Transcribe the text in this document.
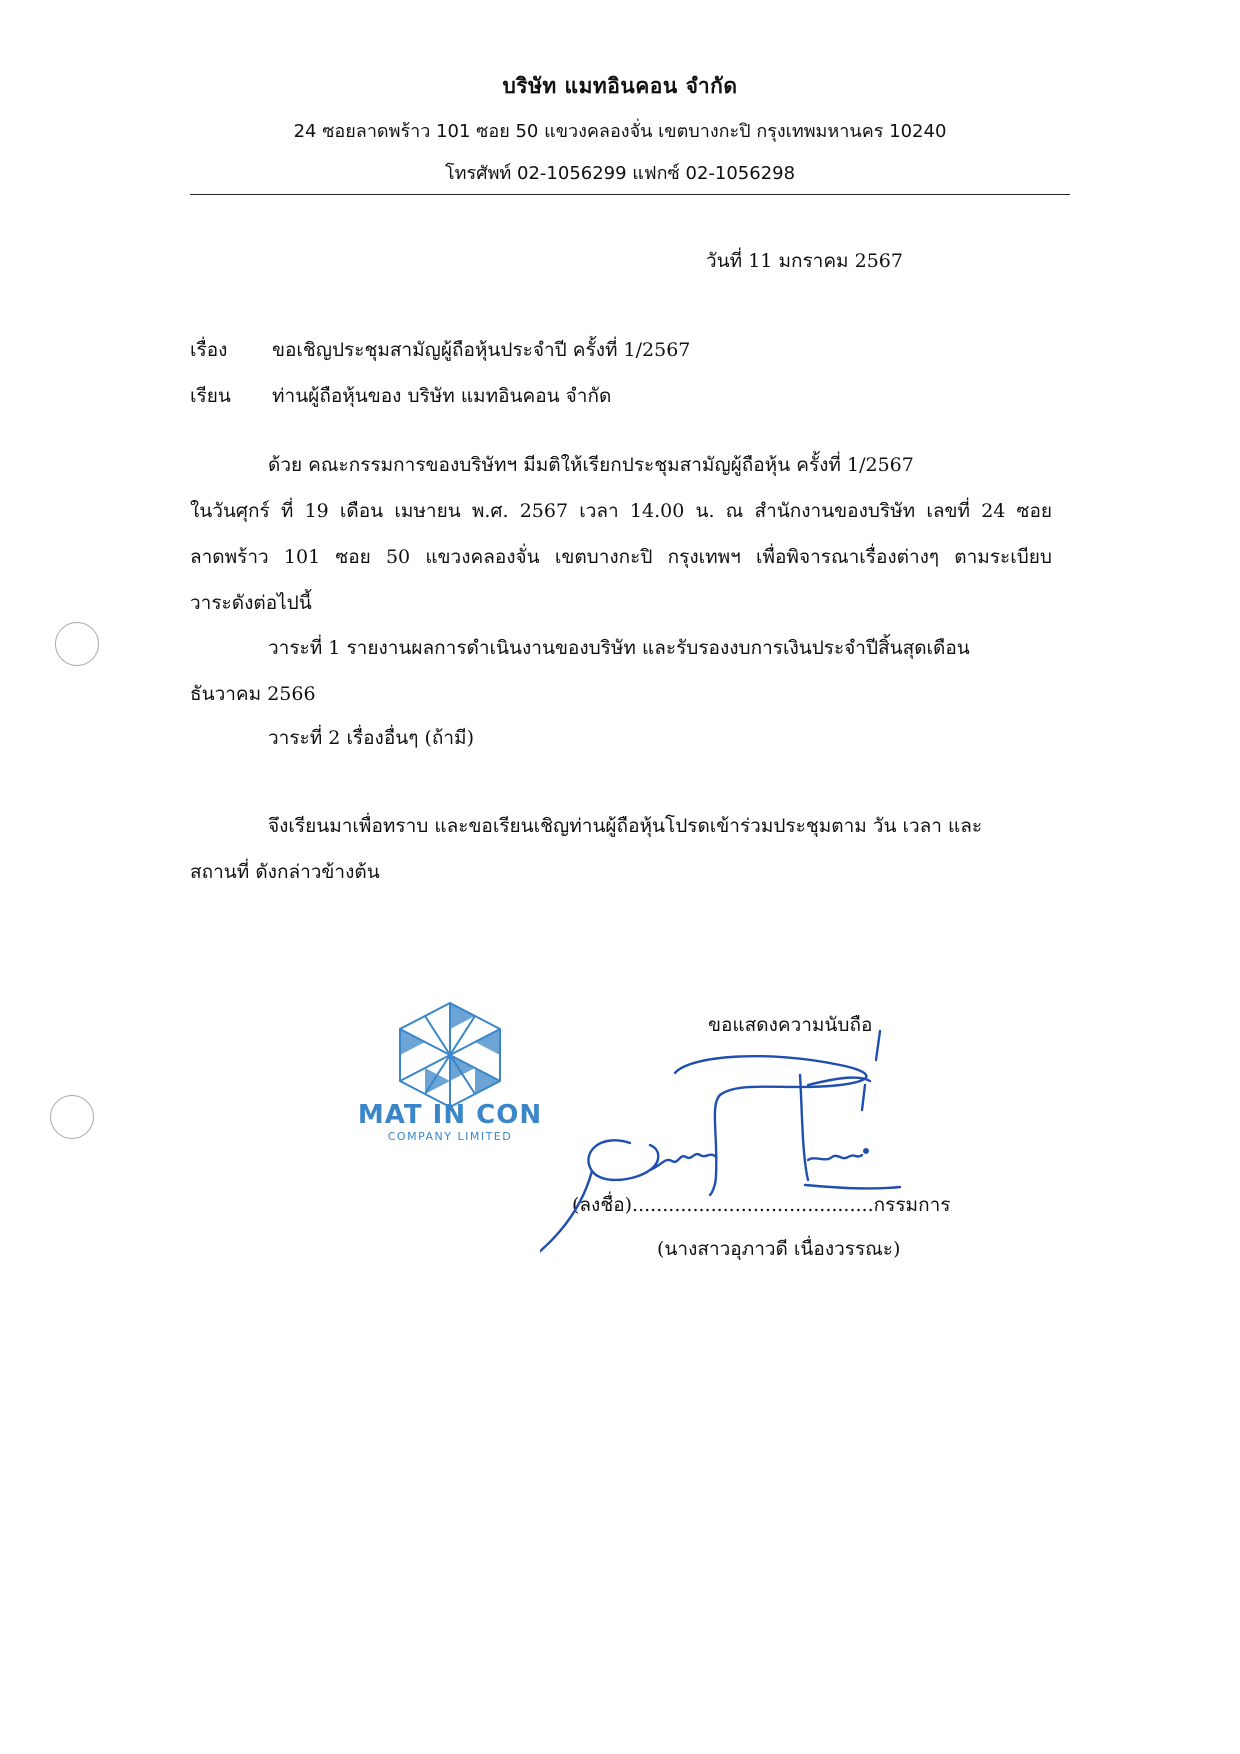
บริษัท แมทอินคอน จำกัด
24 ซอยลาดพร้าว 101 ซอย 50 แขวงคลองจั่น เขตบางกะปิ กรุงเทพมหานคร 10240
โทรศัพท์ 02-1056299 แฟกซ์ 02-1056298
วันที่ 11 มกราคม 2567
เรื่อง ขอเชิญประชุมสามัญผู้ถือหุ้นประจำปี ครั้งที่ 1/2567
เรียน ท่านผู้ถือหุ้นของ บริษัท แมทอินคอน จำกัด
ด้วย คณะกรรมการของบริษัทฯ มีมติให้เรียกประชุมสามัญผู้ถือหุ้น ครั้งที่ 1/2567
ในวันศุกร์ ที่ 19 เดือน เมษายน พ.ศ. 2567 เวลา 14.00 น. ณ สำนักงานของบริษัท เลขที่ 24 ซอย
ลาดพร้าว 101 ซอย 50 แขวงคลองจั่น เขตบางกะปิ กรุงเทพฯ เพื่อพิจารณาเรื่องต่างๆ ตามระเบียบ
วาระดังต่อไปนี้
วาระที่ 1 รายงานผลการดำเนินงานของบริษัท และรับรองงบการเงินประจำปีสิ้นสุดเดือน
ธันวาคม 2566
วาระที่ 2 เรื่องอื่นๆ (ถ้ามี)
จึงเรียนมาเพื่อทราบ และขอเรียนเชิญท่านผู้ถือหุ้นโปรดเข้าร่วมประชุมตาม วัน เวลา และ
สถานที่ ดังกล่าวข้างต้น
MAT IN CON
COMPANY LIMITED
ขอแสดงความนับถือ
(ลงชื่อ)........................................กรรมการ
(นางสาวอุภาวดี เนื่องวรรณะ)
